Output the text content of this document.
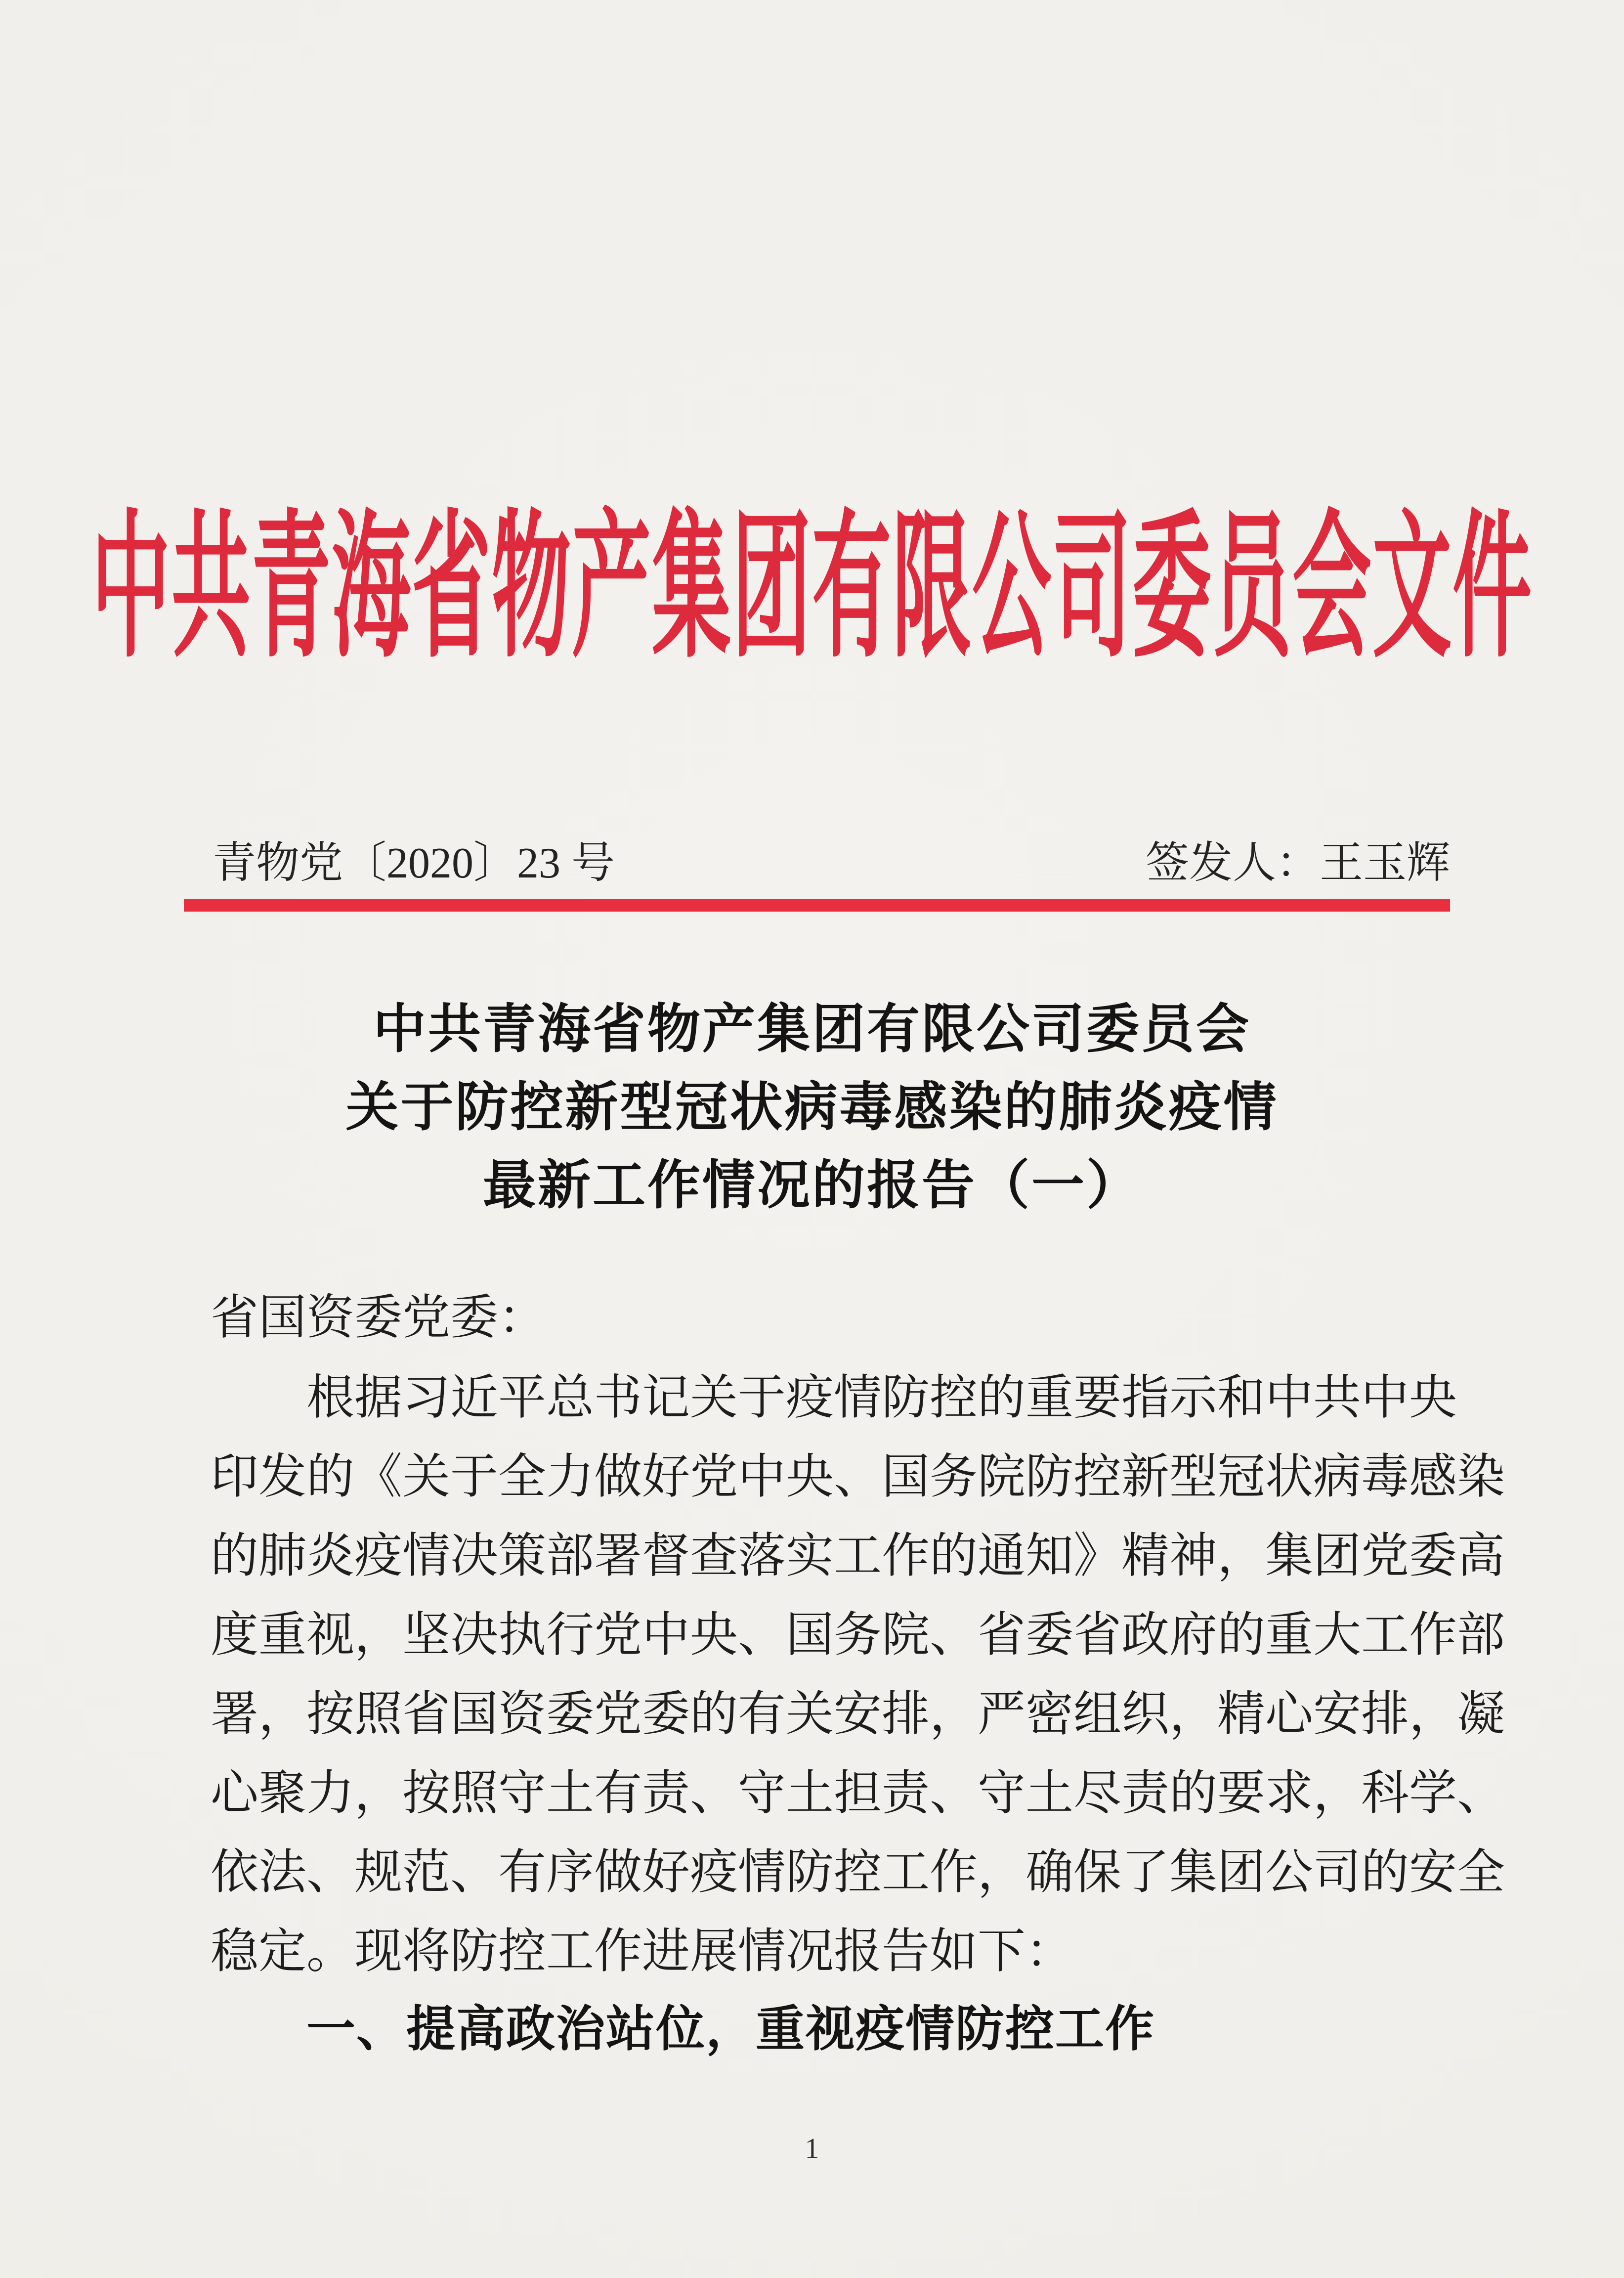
中共青海省物产集团有限公司委员会文件
青物党〔2020〕23 号	签发人：王玉辉
中共青海省物产集团有限公司委员会
关于防控新型冠状病毒感染的肺炎疫情
最新工作情况的报告（一）
省国资委党委：
根据习近平总书记关于疫情防控的重要指示和中共中央
印发的《关于全力做好党中央、国务院防控新型冠状病毒感染
的肺炎疫情决策部署督查落实工作的通知》精神，集团党委高
度重视，坚决执行党中央、国务院、省委省政府的重大工作部
署，按照省国资委党委的有关安排，严密组织，精心安排，凝
心聚力，按照守土有责、守土担责、守土尽责的要求，科学、
依法、规范、有序做好疫情防控工作，确保了集团公司的安全
稳定。现将防控工作进展情况报告如下：
一、提高政治站位，重视疫情防控工作
1
